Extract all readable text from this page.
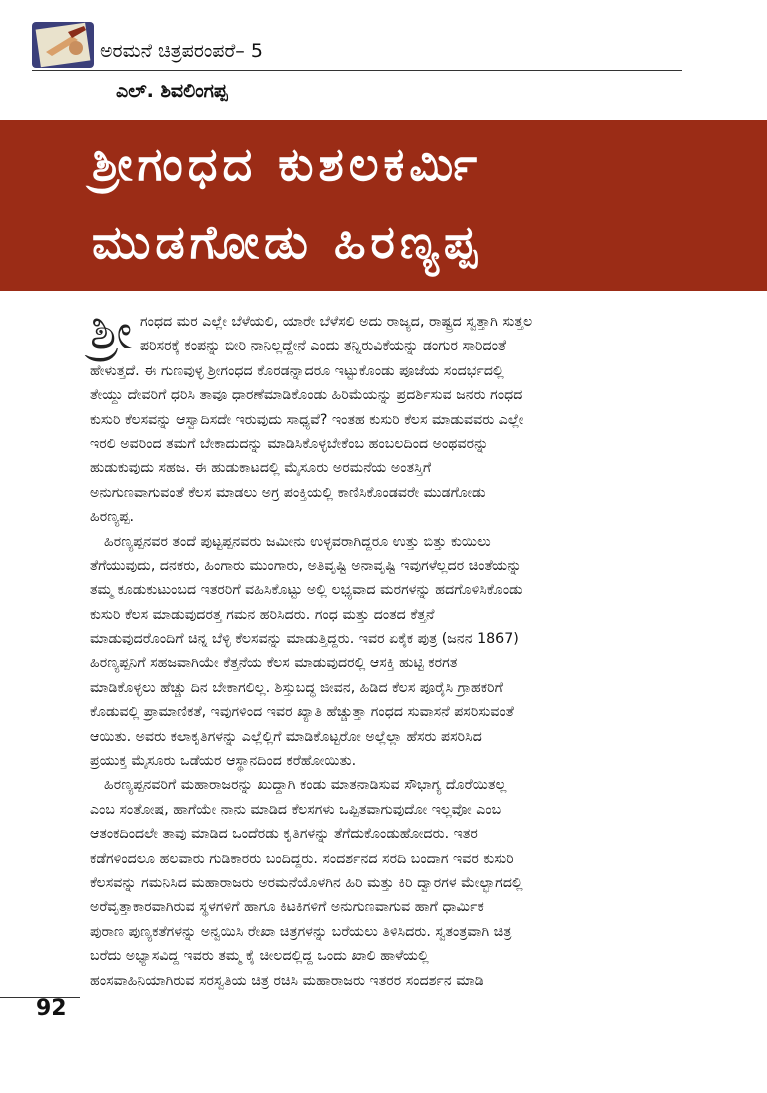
ಅರಮನೆ ಚಿತ್ರಪರಂಪರೆ– 5
ಎಲ್‌. ಶಿವಲಿಂಗಪ್ಪ
ಶ್ರೀಗಂಧದ ಕುಶಲಕರ್ಮಿ
ಮುಡಗೋಡು ಹಿರಣ್ಯಪ್ಪ
ಶ್ರೀ ಗಂಧದ ಮರ ಎಲ್ಲೇ ಬೆಳೆಯಲಿ, ಯಾರೇ ಬೆಳೆಸಲಿ ಅದು ರಾಜ್ಯದ, ರಾಷ್ಟ್ರದ ಸ್ವತ್ತಾಗಿ ಸುತ್ತಲ
ಪರಿಸರಕ್ಕೆ ಕಂಪನ್ನು ಬೀರಿ ನಾನಿಲ್ಲದ್ದೇನೆ ಎಂದು ತನ್ನಿರುವಿಕೆಯನ್ನು ಡಂಗುರ ಸಾರಿದಂತೆ
ಹೇಳುತ್ತದೆ. ಈ ಗುಣವುಳ್ಳ ಶ್ರೀಗಂಧದ ಕೊರಡನ್ನಾದರೂ ಇಟ್ಟುಕೊಂಡು ಪೂಜೆಯ ಸಂದರ್ಭದಲ್ಲಿ
ತೇಯ್ದು ದೇವರಿಗೆ ಧರಿಸಿ ತಾವೂ ಧಾರಣೆಮಾಡಿಕೊಂಡು ಹಿರಿಮೆಯನ್ನು ಪ್ರದರ್ಶಿಸುವ ಜನರು ಗಂಧದ
ಕುಸುರಿ ಕೆಲಸವನ್ನು ಆಸ್ವಾದಿಸದೇ ಇರುವುದು ಸಾಧ್ಯವೆ? ಇಂತಹ ಕುಸುರಿ ಕೆಲಸ ಮಾಡುವವರು ಎಲ್ಲೇ
ಇರಲಿ ಅವರಿಂದ ತಮಗೆ ಬೇಕಾದುದನ್ನು ಮಾಡಿಸಿಕೊಳ್ಳಬೇಕೆಂಬ ಹಂಬಲದಿಂದ ಅಂಥವರನ್ನು
ಹುಡುಕುವುದು ಸಹಜ. ಈ ಹುಡುಕಾಟದಲ್ಲಿ ಮೈಸೂರು ಅರಮನೆಯ ಅಂತಸ್ತಿಗೆ
ಅನುಗುಣವಾಗುವಂತೆ ಕೆಲಸ ಮಾಡಲು ಅಗ್ರ ಪಂಕ್ತಿಯಲ್ಲಿ ಕಾಣಿಸಿಕೊಂಡವರೇ ಮುಡಗೋಡು
ಹಿರಣ್ಯಪ್ಪ.
ಹಿರಣ್ಯಪ್ಪನವರ ತಂದೆ ಪುಟ್ಟಪ್ಪನವರು ಜಮೀನು ಉಳ್ಳವರಾಗಿದ್ದರೂ ಉತ್ತು ಬಿತ್ತು ಕುಯಿಲು
ತೆಗೆಯುವುದು, ದನಕರು, ಹಿಂಗಾರು ಮುಂಗಾರು, ಅತಿವೃಷ್ಟಿ ಅನಾವೃಷ್ಟಿ ಇವುಗಳೆಲ್ಲದರ ಚಿಂತೆಯನ್ನು
ತಮ್ಮ ಕೂಡುಕುಟುಂಬದ ಇತರರಿಗೆ ವಹಿಸಿಕೊಟ್ಟು ಅಲ್ಲಿ ಲಭ್ಯವಾದ ಮರಗಳನ್ನು ಹದಗೊಳಿಸಿಕೊಂಡು
ಕುಸುರಿ ಕೆಲಸ ಮಾಡುವುದರತ್ತ ಗಮನ ಹರಿಸಿದರು. ಗಂಧ ಮತ್ತು ದಂತದ ಕೆತ್ತನೆ
ಮಾಡುವುದರೊಂದಿಗೆ ಚಿನ್ನ ಬೆಳ್ಳಿ ಕೆಲಸವನ್ನು ಮಾಡುತ್ತಿದ್ದರು. ಇವರ ಏಕೈಕ ಪುತ್ರ (ಜನನ 1867)
ಹಿರಣ್ಯಪ್ಪನಿಗೆ ಸಹಜವಾಗಿಯೇ ಕೆತ್ತನೆಯ ಕೆಲಸ ಮಾಡುವುದರಲ್ಲಿ ಆಸಕ್ತಿ ಹುಟ್ಟಿ ಕರಗತ
ಮಾಡಿಕೊಳ್ಳಲು ಹೆಚ್ಚು ದಿನ ಬೇಕಾಗಲಿಲ್ಲ. ಶಿಸ್ತುಬದ್ಧ ಜೀವನ, ಹಿಡಿದ ಕೆಲಸ ಪೂರೈಸಿ ಗ್ರಾಹಕರಿಗೆ
ಕೊಡುವಲ್ಲಿ ಪ್ರಾಮಾಣಿಕತೆ, ಇವುಗಳಿಂದ ಇವರ ಖ್ಯಾತಿ ಹೆಚ್ಚುತ್ತಾ ಗಂಧದ ಸುವಾಸನೆ ಪಸರಿಸುವಂತೆ
ಆಯಿತು. ಅವರು ಕಲಾಕೃತಿಗಳನ್ನು ಎಲ್ಲೆಲ್ಲಿಗೆ ಮಾಡಿಕೊಟ್ಟರೋ ಅಲ್ಲೆಲ್ಲಾ ಹೆಸರು ಪಸರಿಸಿದ
ಪ್ರಯುಕ್ತ ಮೈಸೂರು ಒಡೆಯರ ಆಸ್ಥಾನದಿಂದ ಕರೆಹೋಯಿತು.
ಹಿರಣ್ಯಪ್ಪನವರಿಗೆ ಮಹಾರಾಜರನ್ನು ಖುದ್ದಾಗಿ ಕಂಡು ಮಾತನಾಡಿಸುವ ಸೌಭಾಗ್ಯ ದೊರೆಯಿತಲ್ಲ
ಎಂಬ ಸಂತೋಷ, ಹಾಗೆಯೇ ನಾನು ಮಾಡಿದ ಕೆಲಸಗಳು ಒಪ್ಪಿತವಾಗುವುದೋ ಇಲ್ಲವೋ ಎಂಬ
ಆತಂಕದಿಂದಲೇ ತಾವು ಮಾಡಿದ ಒಂದೆರಡು ಕೃತಿಗಳನ್ನು ತೆಗೆದುಕೊಂಡುಹೋದರು. ಇತರ
ಕಡೆಗಳಿಂದಲೂ ಹಲವಾರು ಗುಡಿಕಾರರು ಬಂದಿದ್ದರು. ಸಂದರ್ಶನದ ಸರದಿ ಬಂದಾಗ ಇವರ ಕುಸುರಿ
ಕೆಲಸವನ್ನು ಗಮನಿಸಿದ ಮಹಾರಾಜರು ಅರಮನೆಯೊಳಗಿನ ಹಿರಿ ಮತ್ತು ಕಿರಿ ದ್ವಾರಗಳ ಮೇಲ್ಭಾಗದಲ್ಲಿ
ಅರೆವೃತ್ತಾಕಾರವಾಗಿರುವ ಸ್ಥಳಗಳಿಗೆ ಹಾಗೂ ಕಿಟಕಿಗಳಿಗೆ ಅನುಗುಣವಾಗುವ ಹಾಗೆ ಧಾರ್ಮಿಕ
ಪುರಾಣ ಪುಣ್ಯಕತೆಗಳನ್ನು ಅನ್ವಯಿಸಿ ರೇಖಾ ಚಿತ್ರಗಳನ್ನು ಬರೆಯಲು ತಿಳಿಸಿದರು. ಸ್ವತಂತ್ರವಾಗಿ ಚಿತ್ರ
ಬರೆದು ಅಭ್ಯಾಸವಿದ್ದ ಇವರು ತಮ್ಮ ಕೈ ಚೀಲದಲ್ಲಿದ್ದ ಒಂದು ಖಾಲಿ ಹಾಳೆಯಲ್ಲಿ
ಹಂಸವಾಹಿನಿಯಾಗಿರುವ ಸರಸ್ವತಿಯ ಚಿತ್ರ ರಚಿಸಿ ಮಹಾರಾಜರು ಇತರರ ಸಂದರ್ಶನ ಮಾಡಿ
92
